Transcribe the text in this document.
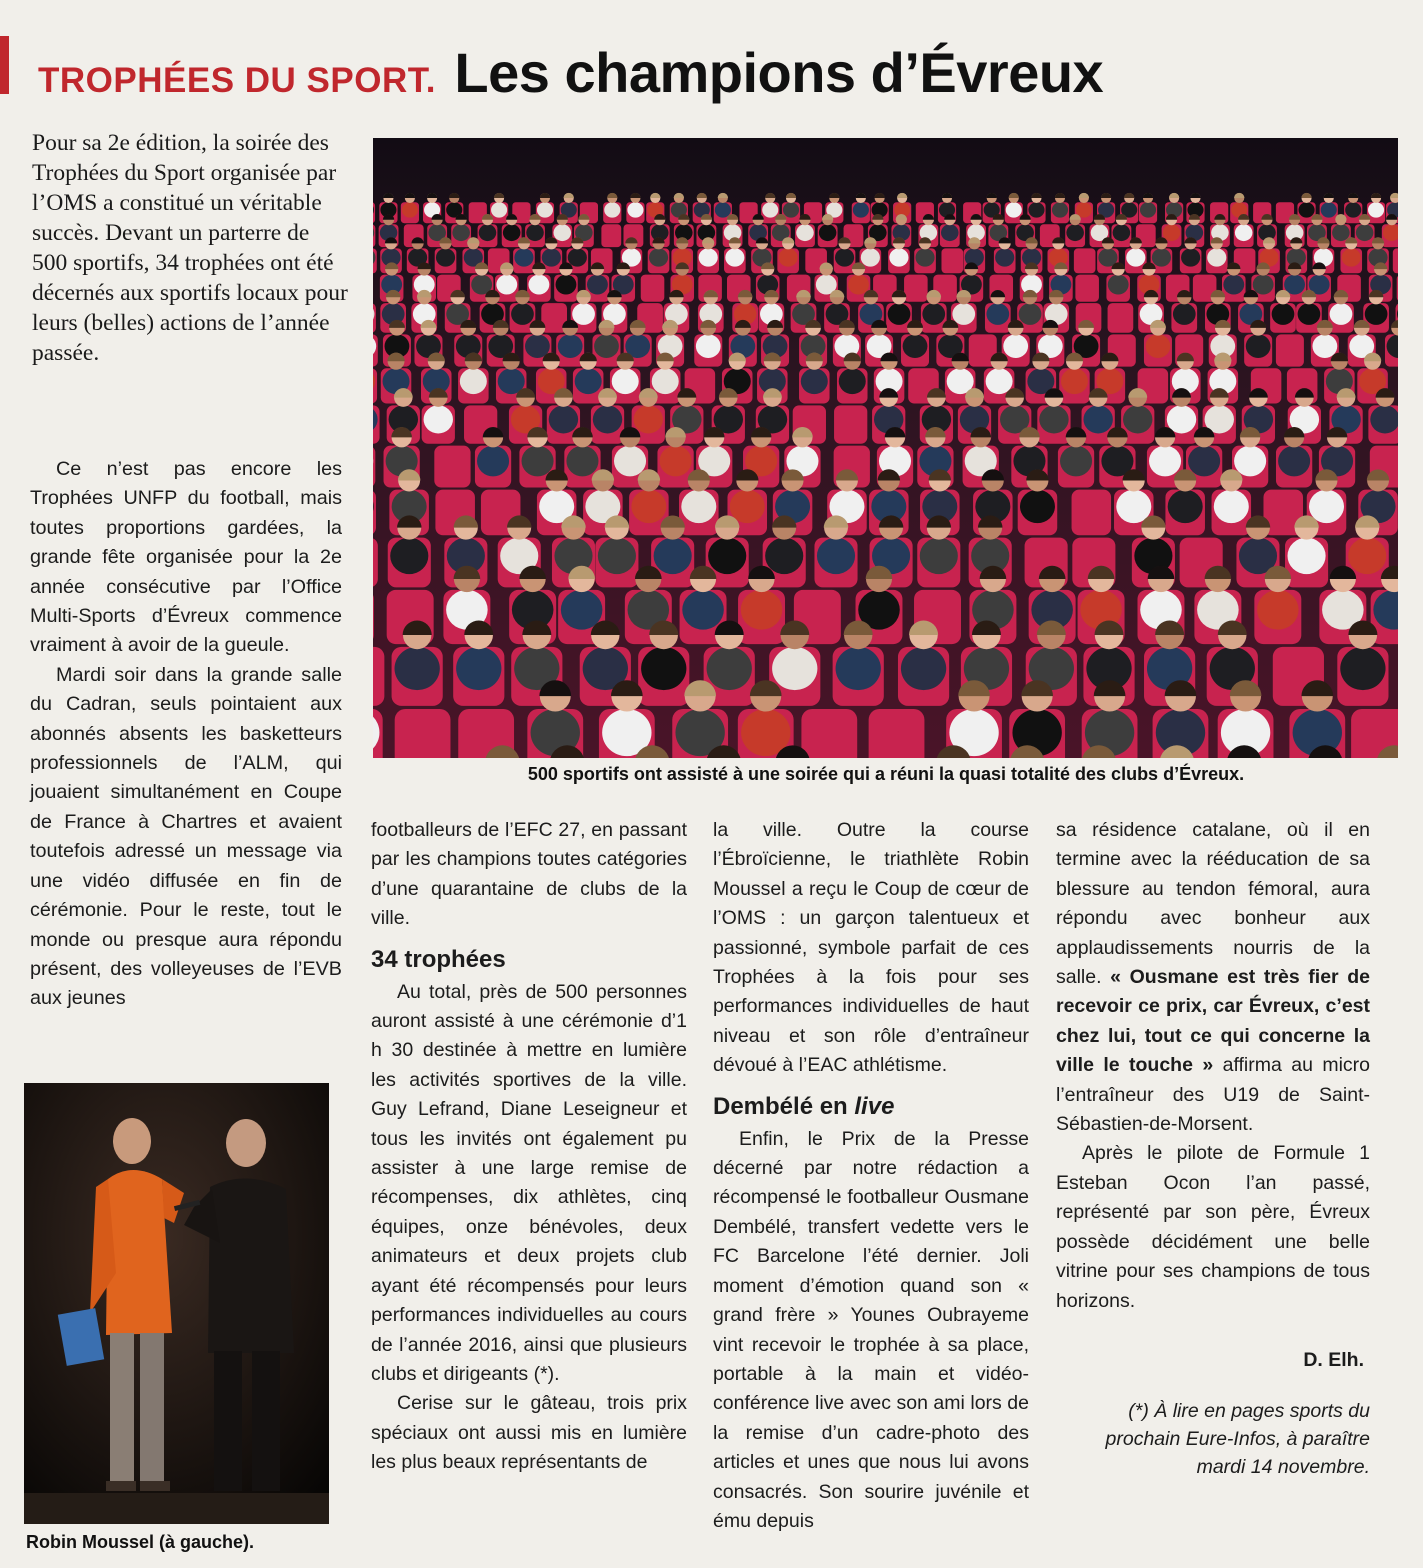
TROPHÉES DU SPORT. Les champions d’Évreux

Pour sa 2e édition, la soirée des Trophées du Sport organisée par l’OMS a constitué un véritable succès. Devant un parterre de 500 sportifs, 34 trophées ont été décernés aux sportifs locaux pour leurs (belles) actions de l’année passée.

Ce n’est pas encore les Trophées UNFP du football, mais toutes proportions gardées, la grande fête organisée pour la 2e année consécutive par l’Office Multi-Sports d’Évreux commence vraiment à avoir de la gueule.

Mardi soir dans la grande salle du Cadran, seuls pointaient aux abonnés absents les basketteurs professionnels de l’ALM, qui jouaient simultanément en Coupe de France à Chartres et avaient toutefois adressé un message via une vidéo diffusée en fin de cérémonie. Pour le reste, tout le monde ou presque aura répondu présent, des volleyeuses de l’EVB aux jeunes

500 sportifs ont assisté à une soirée qui a réuni la quasi totalité des clubs d’Évreux.

footballeurs de l’EFC 27, en passant par les champions toutes catégories d’une quarantaine de clubs de la ville.

34 trophées

Au total, près de 500 personnes auront assisté à une cérémonie d’1 h 30 destinée à mettre en lumière les activités sportives de la ville. Guy Lefrand, Diane Leseigneur et tous les invités ont également pu assister à une large remise de récompenses, dix athlètes, cinq équipes, onze bénévoles, deux animateurs et deux projets club ayant été récompensés pour leurs performances individuelles au cours de l’année 2016, ainsi que plusieurs clubs et dirigeants (*).

Cerise sur le gâteau, trois prix spéciaux ont aussi mis en lumière les plus beaux représentants de

la ville. Outre la course l’Ébroïcienne, le triathlète Robin Moussel a reçu le Coup de cœur de l’OMS : un garçon talentueux et passionné, symbole parfait de ces Trophées à la fois pour ses performances individuelles de haut niveau et son rôle d’entraîneur dévoué à l’EAC athlétisme.

Dembélé en live

Enfin, le Prix de la Presse décerné par notre rédaction a récompensé le footballeur Ousmane Dembélé, transfert vedette vers le FC Barcelone l’été dernier. Joli moment d’émotion quand son « grand frère » Younes Oubrayeme vint recevoir le trophée à sa place, portable à la main et vidéo-conférence live avec son ami lors de la remise d’un cadre-photo des articles et unes que nous lui avons consacrés. Son sourire juvénile et ému depuis

sa résidence catalane, où il en termine avec la rééducation de sa blessure au tendon fémoral, aura répondu avec bonheur aux applaudissements nourris de la salle. « Ousmane est très fier de recevoir ce prix, car Évreux, c’est chez lui, tout ce qui concerne la ville le touche » affirma au micro l’entraîneur des U19 de Saint-Sébastien-de-Morsent.

Après le pilote de Formule 1 Esteban Ocon l’an passé, représenté par son père, Évreux possède décidément une belle vitrine pour ses champions de tous horizons.

D. Elh.

(*) À lire en pages sports du prochain Eure-Infos, à paraître mardi 14 novembre.

Robin Moussel (à gauche).
